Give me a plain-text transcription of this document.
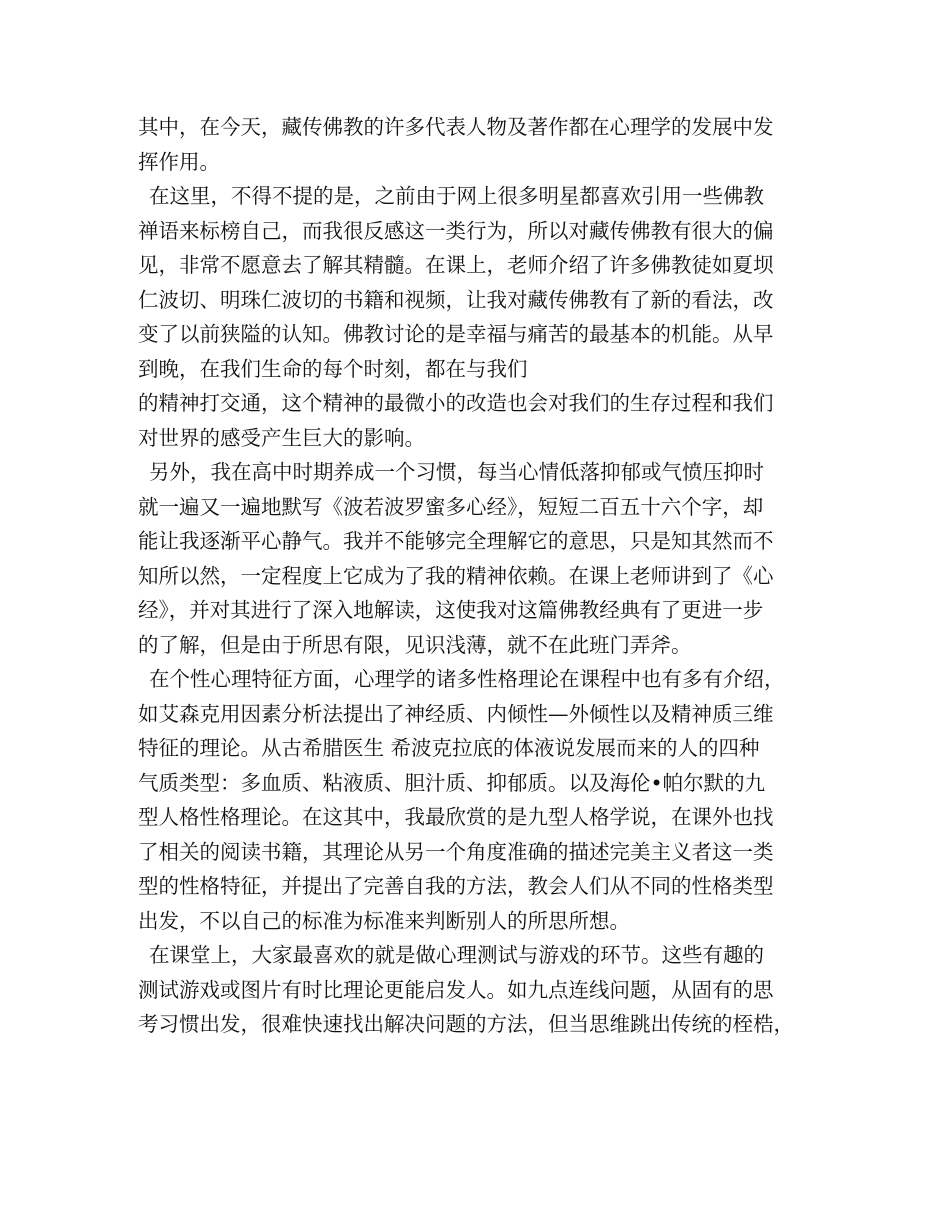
其中，在今天，藏传佛教的许多代表人物及著作都在心理学的发展中发
挥作用。
在这里，不得不提的是，之前由于网上很多明星都喜欢引用一些佛教
禅语来标榜自己，而我很反感这一类行为，所以对藏传佛教有很大的偏
见，非常不愿意去了解其精髓。在课上，老师介绍了许多佛教徒如夏坝
仁波切、明珠仁波切的书籍和视频，让我对藏传佛教有了新的看法，改
变了以前狭隘的认知。佛教讨论的是幸福与痛苦的最基本的机能。从早
到晚，在我们生命的每个时刻，都在与我们
的精神打交通，这个精神的最微小的改造也会对我们的生存过程和我们
对世界的感受产生巨大的影响。
另外，我在高中时期养成一个习惯，每当心情低落抑郁或气愤压抑时
就一遍又一遍地默写《波若波罗蜜多心经》，短短二百五十六个字，却
能让我逐渐平心静气。我并不能够完全理解它的意思，只是知其然而不
知所以然，一定程度上它成为了我的精神依赖。在课上老师讲到了《心
经》，并对其进行了深入地解读，这使我对这篇佛教经典有了更进一步
的了解，但是由于所思有限，见识浅薄，就不在此班门弄斧。
在个性心理特征方面，心理学的诸多性格理论在课程中也有多有介绍，
如艾森克用因素分析法提出了神经质、内倾性—外倾性以及精神质三维
特征的理论。从古希腊医生 希波克拉底的体液说发展而来的人的四种
气质类型：多血质、粘液质、胆汁质、抑郁质。以及海伦•帕尔默的九
型人格性格理论。在这其中，我最欣赏的是九型人格学说，在课外也找
了相关的阅读书籍，其理论从另一个角度准确的描述完美主义者这一类
型的性格特征，并提出了完善自我的方法，教会人们从不同的性格类型
出发，不以自己的标准为标准来判断别人的所思所想。
在课堂上，大家最喜欢的就是做心理测试与游戏的环节。这些有趣的
测试游戏或图片有时比理论更能启发人。如九点连线问题，从固有的思
考习惯出发，很难快速找出解决问题的方法，但当思维跳出传统的桎梏，
